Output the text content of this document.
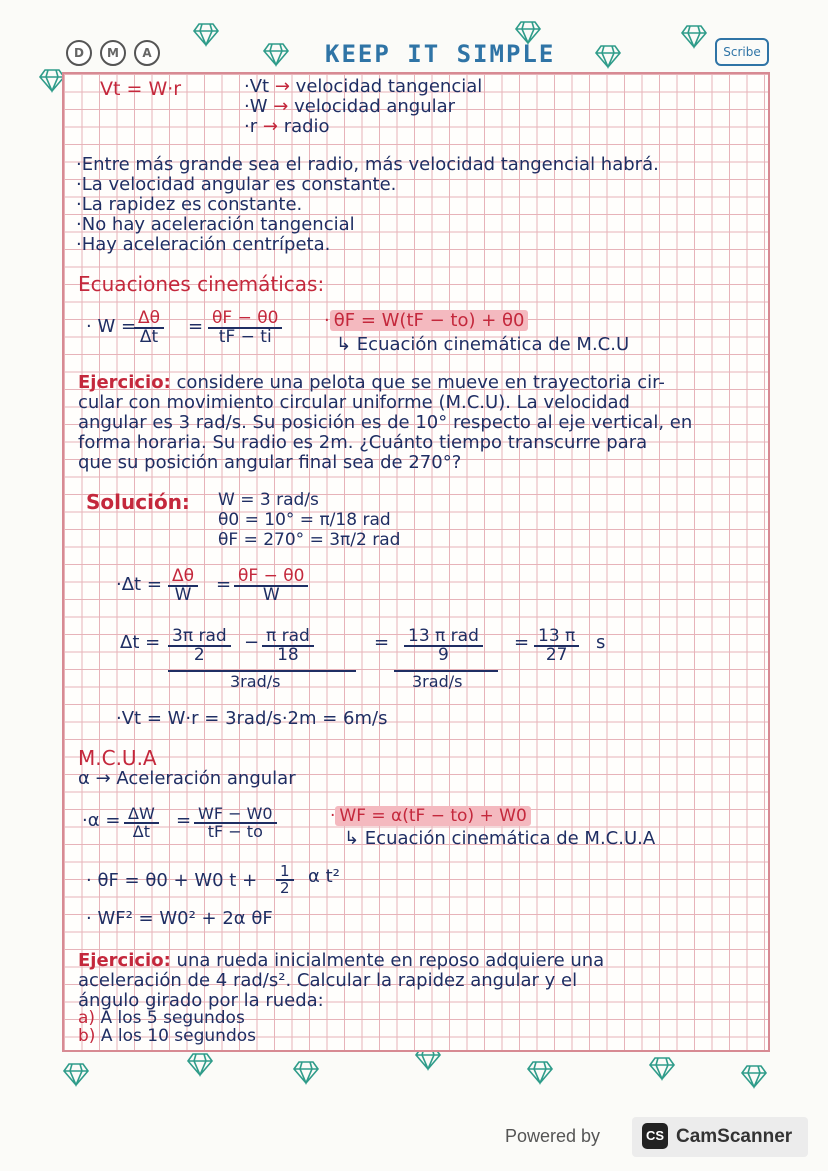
D	M	A	KEEP IT SIMPLE	Scribe
Vt = W·r	·Vt → velocidad tangencial
·W → velocidad angular
·r → radio
·Entre más grande sea el radio, más velocidad tangencial habrá.
·La velocidad angular es constante.
·La rapidez es constante.
·No hay aceleración tangencial
·Hay aceleración centrípeta.
Ecuaciones cinemáticas:
· W =
$\frac{\Delta\theta}{\Delta t} = \frac{\theta F - \theta 0}{tF - ti} \cdot \theta F = W(tF - to) + \theta 0$
↳ Ecuación cinemática de M.C.U
Ejercicio: considere una pelota que se mueve en trayectoria cir-
cular con movimiento circular uniforme (M.C.U). La velocidad
angular es 3 rad/s. Su posición es de 10° respecto al eje vertical, en
forma horaria. Su radio es 2m. ¿Cuánto tiempo transcurre para
que su posición angular final sea de 270°?
Solución: W = 3 rad/s
θ0 = 10° = π/18 rad
θF = 270° = 3π/2 rad
$\cdot\Delta t = \frac{\Delta\theta}{W} = \frac{\theta F - \theta 0}{W}$
Δt = 3π rad
2
− π rad
18
3rad/s
= 13 π rad
9
3rad/s
= $\frac{13 \pi}{27}$ s
·Vt = W·r = 3rad/s·2m = 6m/s
M.C.U.A
α → Aceleración angular
$\cdot\alpha = \frac{\Delta W}{\Delta t} = \frac{WF - W0}{tF - to}$	· WF = α(tF − to) + W0
↳ Ecuación cinemática de M.C.U.A
· θF = θ0 + W0 $t + \frac{1}{2}$ α t²
· WF² = W0² + 2α θF
Ejercicio: una rueda inicialmente en reposo adquiere una
aceleración de 4 rad/s². Calcular la rapidez angular y el
ángulo girado por la rueda:
a) A los 5 segundos
b) A los 10 segundos
Powered by	CS CamScanner
